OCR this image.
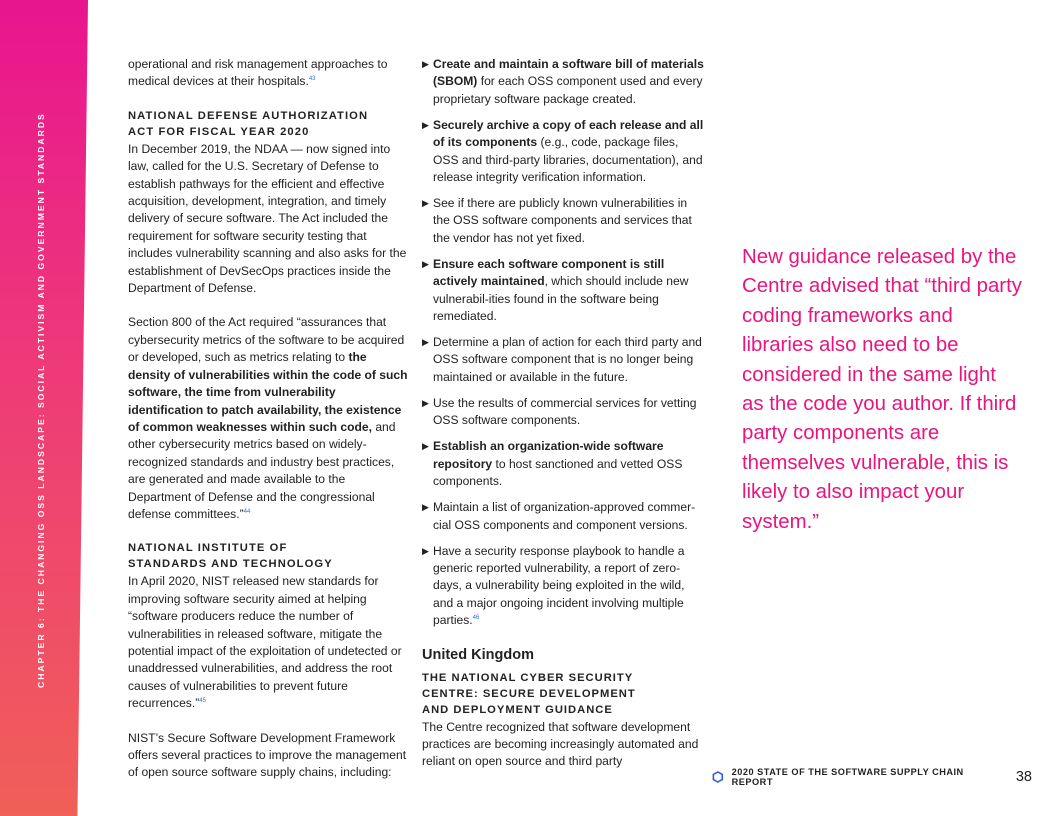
CHAPTER 6: THE CHANGING OSS LANDSCAPE: SOCIAL ACTIVISM AND GOVERNMENT STANDARDS

operational and risk management approaches to medical devices at their hospitals.$^{43}$

NATIONAL DEFENSE AUTHORIZATION
ACT FOR FISCAL YEAR 2020

In December 2019, the NDAA — now signed into law, called for the U.S. Secretary of Defense to establish pathways for the efficient and effective acquisition, development, integration, and timely delivery of secure software. The Act included the requirement for software security testing that includes vulnerability scanning and also asks for the establishment of DevSecOps practices inside the Department of Defense.

Section 800 of the Act required “assurances that cybersecurity metrics of the software to be acquired or developed, such as metrics relating to the density of vulnerabilities within the code of such software, the time from vulnerability identification to patch availability, the existence of common weaknesses within such code, and other cybersecurity metrics based on widely-recognized standards and industry best practices, are generated and made available to the Department of Defense and the congressional defense committees.”$^{44}$

NATIONAL INSTITUTE OF
STANDARDS AND TECHNOLOGY

In April 2020, NIST released new standards for improving software security aimed at helping “software producers reduce the number of vulnerabilities in released software, mitigate the potential impact of the exploitation of undetected or unaddressed vulnerabilities, and address the root causes of vulnerabilities to prevent future recurrences.”$^{45}$

NIST’s Secure Software Development Framework offers several practices to improve the management of open source software supply chains, including:

▶ Create and maintain a software bill of materials (SBOM) for each OSS component used and every proprietary software package created.
▶ Securely archive a copy of each release and all of its components (e.g., code, package files, OSS and third-party libraries, documentation), and release integrity verification information.
▶ See if there are publicly known vulnerabilities in the OSS software components and services that the vendor has not yet fixed.
▶ Ensure each software component is still actively maintained, which should include new vulnerabil-ities found in the software being remediated.
▶ Determine a plan of action for each third party and OSS software component that is no longer being maintained or available in the future.
▶ Use the results of commercial services for vetting OSS software components.
▶ Establish an organization-wide software repository to host sanctioned and vetted OSS components.
▶ Maintain a list of organization-approved commer-cial OSS components and component versions.
▶ Have a security response playbook to handle a generic reported vulnerability, a report of zero-days, a vulnerability being exploited in the wild, and a major ongoing incident involving multiple parties.$^{46}$
United Kingdom
THE NATIONAL CYBER SECURITY
CENTRE: SECURE DEVELOPMENT
AND DEPLOYMENT GUIDANCE

The Centre recognized that software development practices are becoming increasingly automated and reliant on open source and third party

New guidance released by the Centre advised that “third party coding frameworks and libraries also need to be considered in the same light as the code you author. If third party components are themselves vulnerable, this is likely to also impact your system.”
2020 STATE OF THE SOFTWARE SUPPLY CHAIN REPORT	38
